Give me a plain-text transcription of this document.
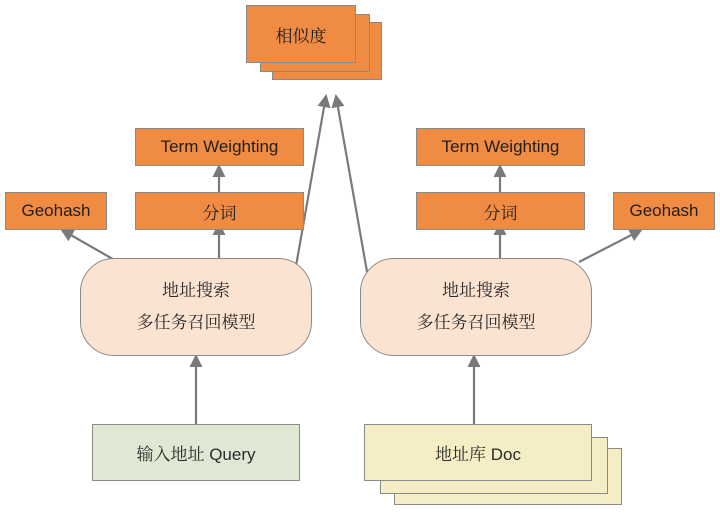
相似度
Term Weighting	Term Weighting
Geohash	Geohash
分词	分词
地址搜索
多任务召回模型
地址搜索
多任务召回模型
输入地址 Query	地址库 Doc
